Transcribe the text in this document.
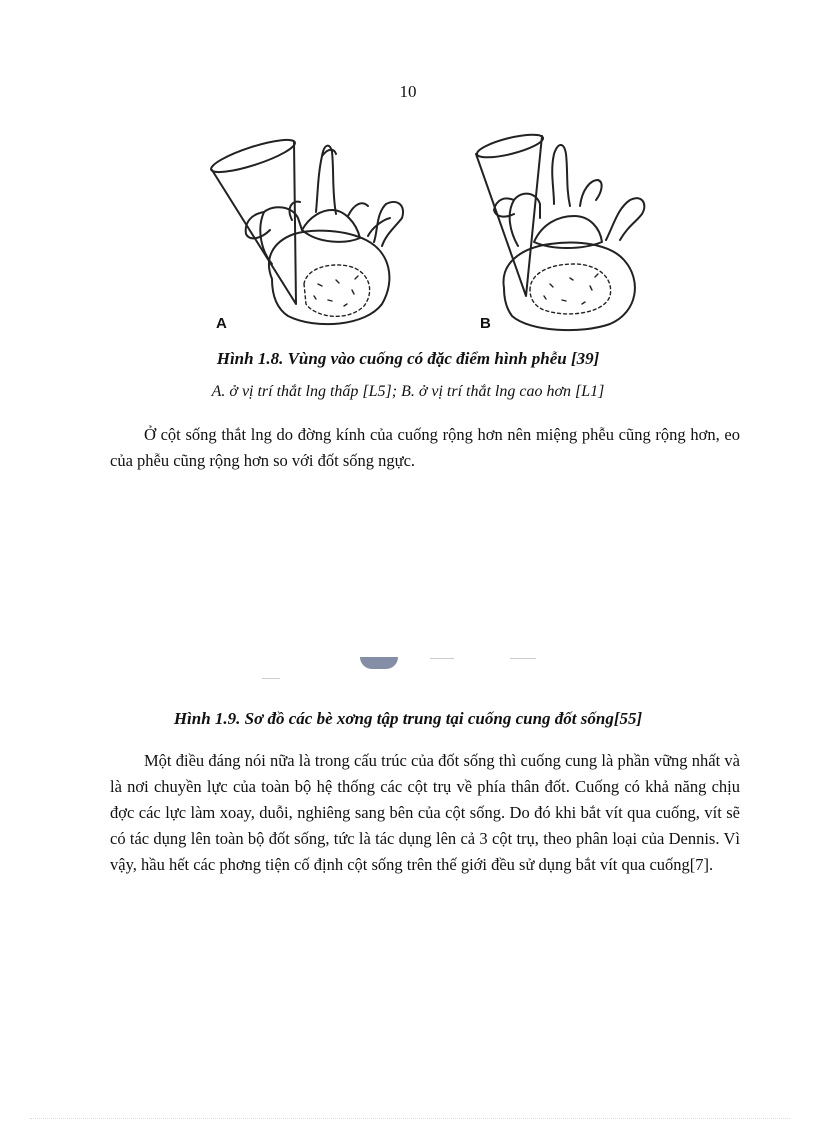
10
A	B
Hình 1.8. Vùng vào cuống có đặc điểm hình phễu [39]
A. ở vị trí thắt lng thấp [L5]; B. ở vị trí thắt lng cao hơn [L1]

Ở cột sống thắt lng do đờng kính của cuống rộng hơn nên miệng phễu cũng rộng hơn, eo của phễu cũng rộng hơn so với đốt sống ngực.

Hình 1.9. Sơ đồ các bè xơng tập trung tại cuống cung đốt sống[55]

Một điều đáng nói nữa là trong cấu trúc của đốt sống thì cuống cung là phần vững nhất và là nơi chuyền lực của toàn bộ hệ thống các cột trụ về phía thân đốt. Cuống có khả năng chịu đợc các lực làm xoay, duỗi, nghiêng sang bên của cột sống. Do đó khi bắt vít qua cuống, vít sẽ có tác dụng lên toàn bộ đốt sống, tức là tác dụng lên cả 3 cột trụ, theo phân loại của Dennis. Vì vậy, hầu hết các phơng tiện cố định cột sống trên thế giới đều sử dụng bắt vít qua cuống[7].
